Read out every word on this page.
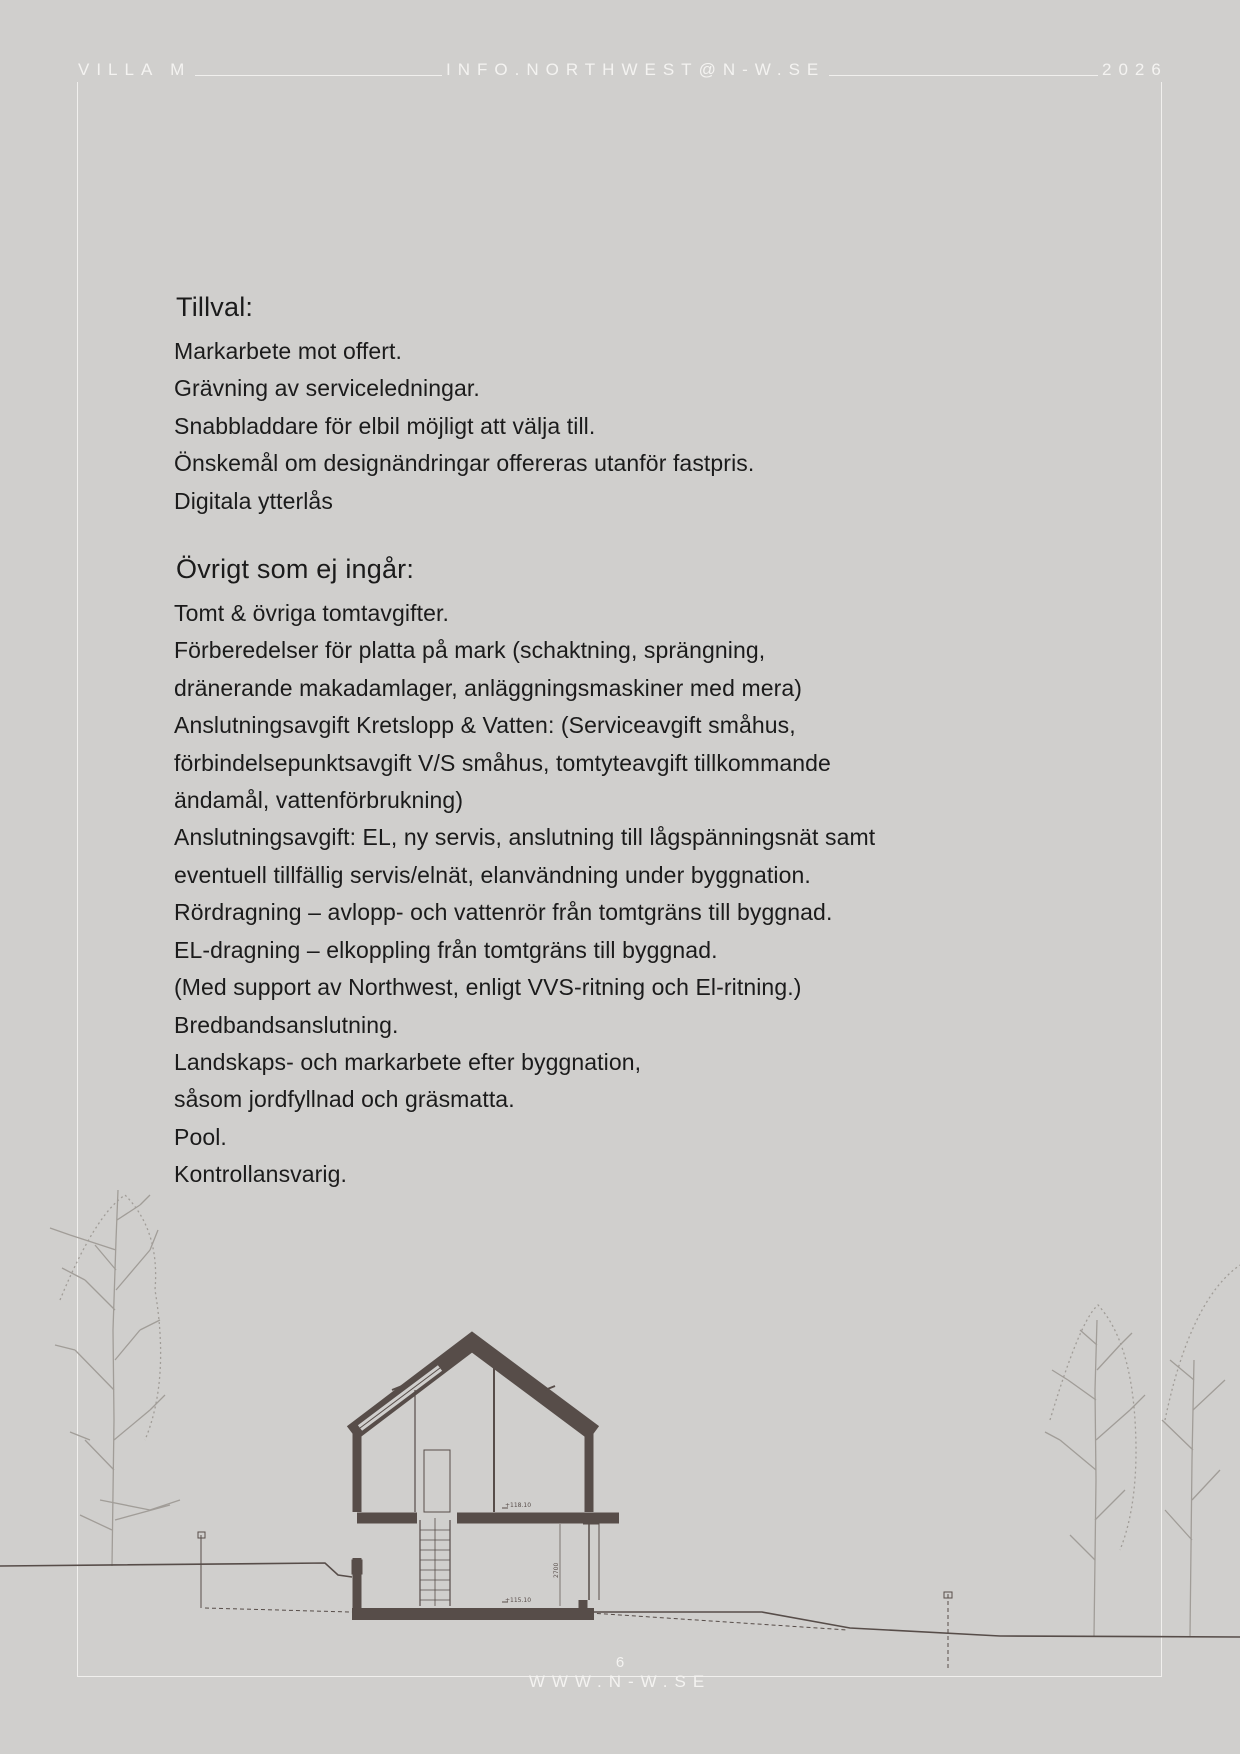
VILLA M	INFO.NORTHWEST@N-W.SE	2026
Tillval:
Markarbete mot offert.
Grävning av serviceledningar.
Snabbladdare för elbil möjligt att välja till.
Önskemål om designändringar offereras utanför fastpris.
Digitala ytterlås
Övrigt som ej ingår:
Tomt & övriga tomtavgifter.
Förberedelser för platta på mark (schaktning, sprängning,
dränerande makadamlager, anläggningsmaskiner med mera)
Anslutningsavgift Kretslopp & Vatten: (Serviceavgift småhus,
förbindelsepunktsavgift V/S småhus, tomtyteavgift tillkommande
ändamål, vattenförbrukning)
Anslutningsavgift: EL, ny servis, anslutning till lågspänningsnät samt
eventuell tillfällig servis/elnät, elanvändning under byggnation.
Rördragning – avlopp- och vattenrör från tomtgräns till byggnad.
EL-dragning – elkoppling från tomtgräns till byggnad.
(Med support av Northwest, enligt VVS-ritning och El-ritning.)
Bredbandsanslutning.
Landskaps- och markarbete efter byggnation,
såsom jordfyllnad och gräsmatta.
Pool.
Kontrollansvarig.
+118.10
+115.10
2700
6
WWW.N-W.SE
